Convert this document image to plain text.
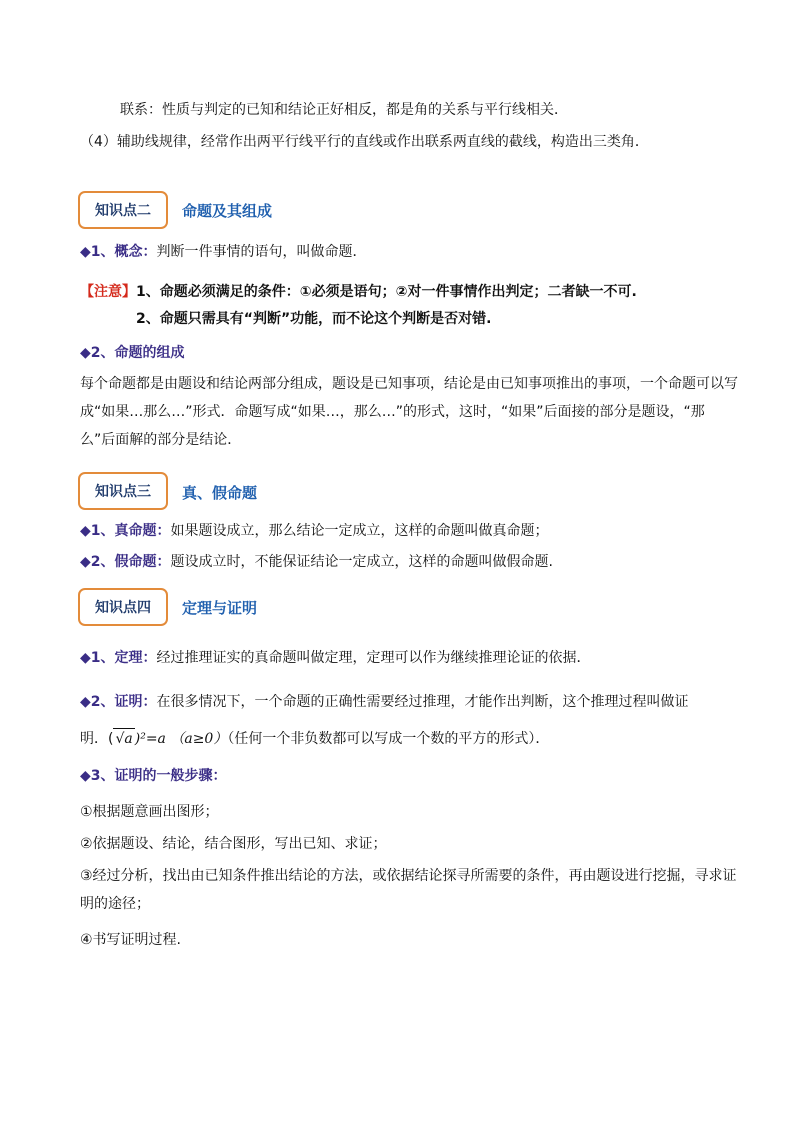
联系：性质与判定的已知和结论正好相反，都是角的关系与平行线相关．
（4）辅助线规律，经常作出两平行线平行的直线或作出联系两直线的截线，构造出三类角．
知识点二	命题及其组成
◆1、概念：判断一件事情的语句，叫做命题．
【注意】1、命题必须满足的条件：①必须是语句；②对一件事情作出判定；二者缺一不可.
2、命题只需具有“判断”功能，而不论这个判断是否对错.
◆2、命题的组成
每个命题都是由题设和结论两部分组成，题设是已知事项，结论是由已知事项推出的事项，一个命题可以写成“如果…那么…”形式．命题写成“如果…，那么…”的形式，这时，“如果”后面接的部分是题设，“那么”后面解的部分是结论．
知识点三	真、假命题
◆1、真命题：如果题设成立，那么结论一定成立，这样的命题叫做真命题；
◆2、假命题：题设成立时，不能保证结论一定成立，这样的命题叫做假命题.
知识点四	定理与证明
◆1、定理：经过推理证实的真命题叫做定理，定理可以作为继续推理论证的依据．
◆2、证明：在很多情况下，一个命题的正确性需要经过推理，才能作出判断，这个推理过程叫做证
明．( √a )²=a （a≥0）（任何一个非负数都可以写成一个数的平方的形式）．
◆3、证明的一般步骤：
①根据题意画出图形；
②依据题设、结论，结合图形，写出已知、求证；
③经过分析，找出由已知条件推出结论的方法，或依据结论探寻所需要的条件，再由题设进行挖掘，寻求证明的途径；
④书写证明过程.
